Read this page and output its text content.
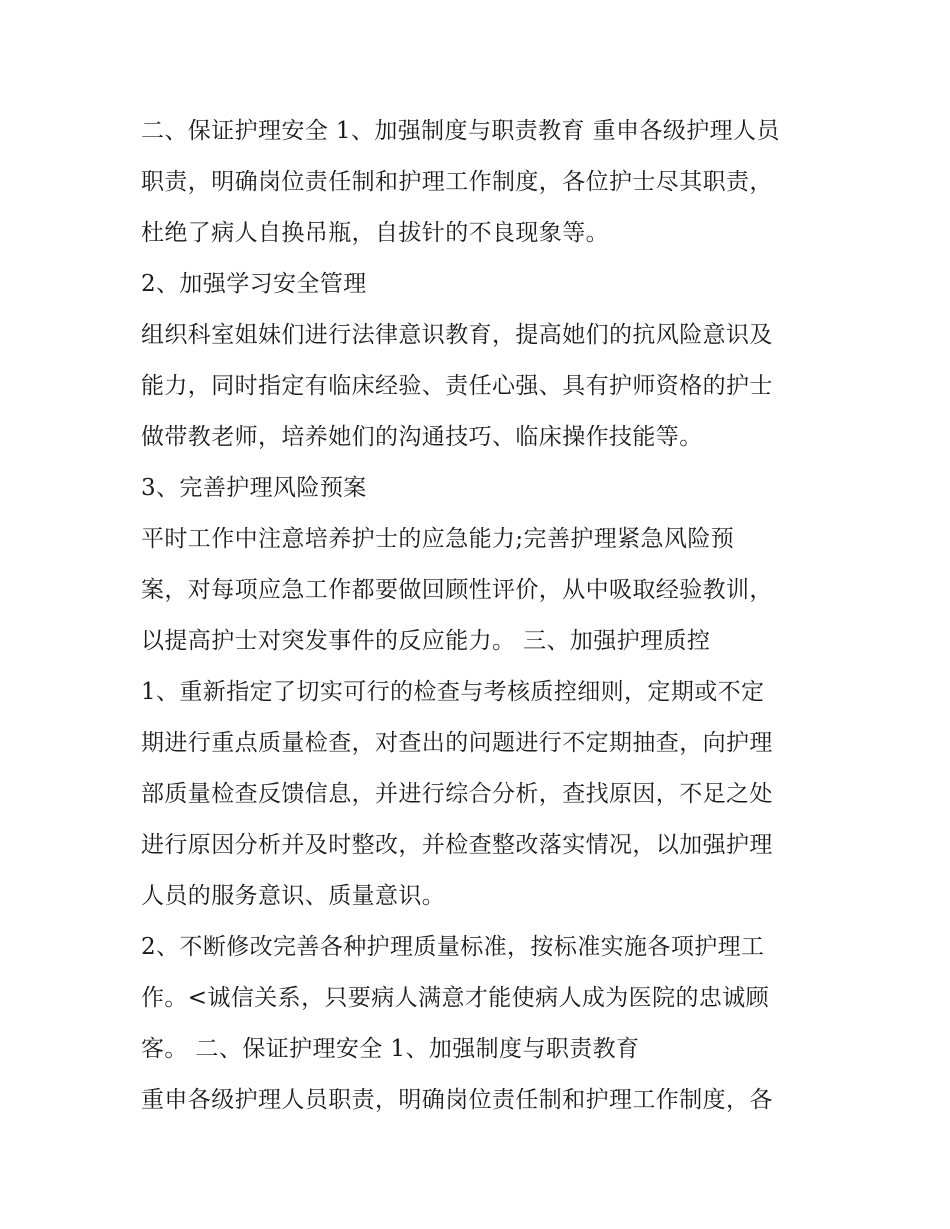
二、保证护理安全 1、加强制度与职责教育 重申各级护理人员
职责，明确岗位责任制和护理工作制度，各位护士尽其职责，
杜绝了病人自换吊瓶，自拔针的不良现象等。
2、加强学习安全管理
组织科室姐妹们进行法律意识教育，提高她们的抗风险意识及
能力，同时指定有临床经验、责任心强、具有护师资格的护士
做带教老师，培养她们的沟通技巧、临床操作技能等。
3、完善护理风险预案
平时工作中注意培养护士的应急能力;完善护理紧急风险预
案，对每项应急工作都要做回顾性评价，从中吸取经验教训，
以提高护士对突发事件的反应能力。 三、加强护理质控
1、重新指定了切实可行的检查与考核质控细则，定期或不定
期进行重点质量检查，对查出的问题进行不定期抽查，向护理
部质量检查反馈信息，并进行综合分析，查找原因，不足之处
进行原因分析并及时整改，并检查整改落实情况，以加强护理
人员的服务意识、质量意识。
2、不断修改完善各种护理质量标准，按标准实施各项护理工
作。<诚信关系，只要病人满意才能使病人成为医院的忠诚顾
客。 二、保证护理安全 1、加强制度与职责教育
重申各级护理人员职责，明确岗位责任制和护理工作制度，各
